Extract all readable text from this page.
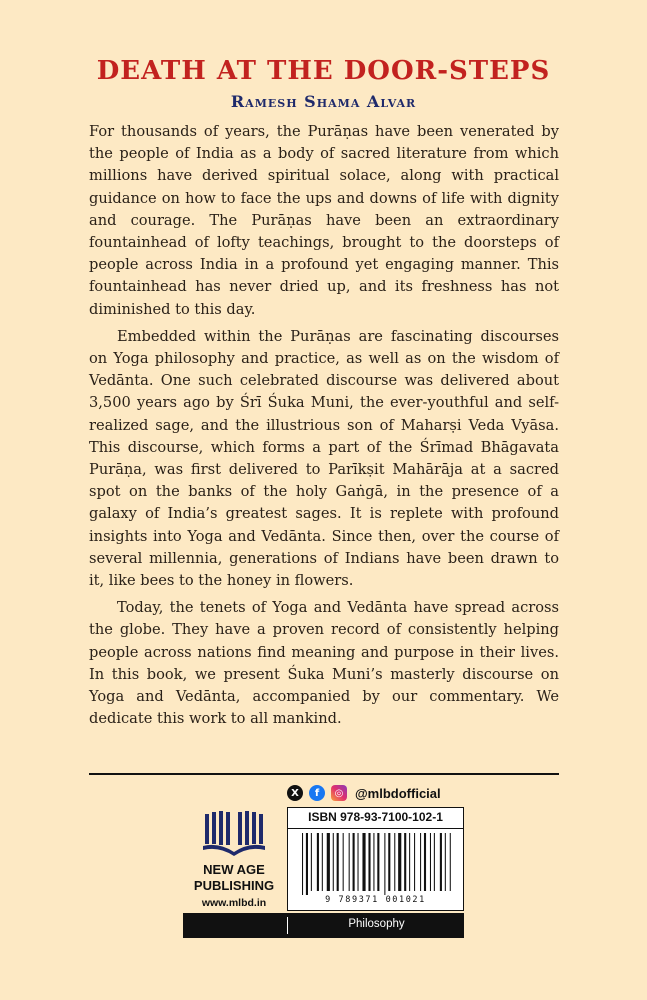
DEATH AT THE DOOR-STEPS
Ramesh Shama Alvar

For thousands of years, the Purāṇas have been venerated by the people of India as a body of sacred literature from which millions have derived spiritual solace, along with practical guidance on how to face the ups and downs of life with dignity and courage. The Purāṇas have been an extraordinary fountainhead of lofty teachings, brought to the doorsteps of people across India in a profound yet engaging manner. This fountainhead has never dried up, and its freshness has not diminished to this day.

Embedded within the Purāṇas are fascinating discourses on Yoga philosophy and practice, as well as on the wisdom of Vedānta. One such celebrated discourse was delivered about 3,500 years ago by Śrī Śuka Muni, the ever-youthful and self-realized sage, and the illustrious son of Maharṣi Veda Vyāsa. This discourse, which forms a part of the Śrīmad Bhāgavata Purāṇa, was first delivered to Parīkṣit Mahārāja at a sacred spot on the banks of the holy Gaṅgā, in the presence of a galaxy of India’s greatest sages. It is replete with profound insights into Yoga and Vedānta. Since then, over the course of several millennia, generations of Indians have been drawn to it, like bees to the honey in flowers.

Today, the tenets of Yoga and Vedānta have spread across the globe. They have a proven record of consistently helping people across nations find meaning and purpose in their lives. In this book, we present Śuka Muni’s masterly discourse on Yoga and Vedānta, accompanied by our commentary. We dedicate this work to all mankind.

X	f	◎ @mlbdofficial
NEW AGE
PUBLISHING
www.mlbd.in
ISBN 978-93-7100-102-1
9 789371 001021
Philosophy
